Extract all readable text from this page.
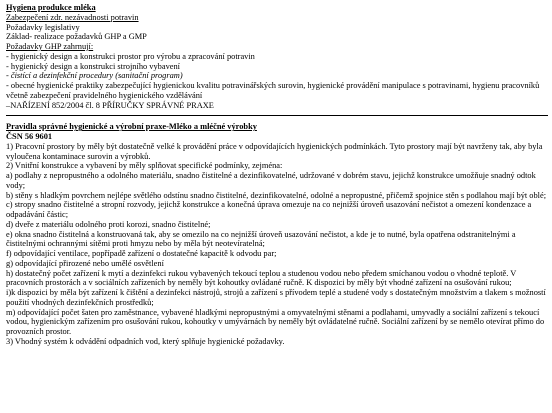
Hygiena produkce mléka
Zabezpečení zdr. nezávadnosti potravin
Požadavky legislativy
Základ- realizace požadavků GHP a GMP
Požadavky GHP zahrnují:
- hygienický design a konstrukci prostor pro výrobu a zpracování potravin
- hygienický design a konstrukci strojního vybavení
- čistící a dezinfekční procedury (sanitační program)
- obecné hygienické praktiky zabezpečující hygienickou kvalitu potravinářských surovin, hygienické provádění manipulace s potravinami, hygienu pracovníků včetně zabezpečení pravidelného hygienického vzdělávání
–NAŘÍZENÍ 852/2004 čl. 8 PŘÍRUČKY SPRÁVNÉ PRAXE
Pravidla správné hygienické a výrobní praxe-Mléko a mléčné výrobky
ČSN 56 9601
1) Pracovní prostory by měly být dostatečně velké k provádění práce v odpovídajících hygienických podmínkách. Tyto prostory mají být navrženy tak, aby byla vyloučena kontaminace surovin a výrobků.
2) Vnitřní konstrukce a vybavení by měly splňovat specifické podmínky, zejména:
a) podlahy z nepropustného a odolného materiálu, snadno čistitelné a dezinfikovatelné, udržované v dobrém stavu, jejichž konstrukce umožňuje snadný odtok vody;
b) stěny s hladkým povrchem nejlépe světlého odstínu snadno čistitelné, dezinfikovatelné, odolné a nepropustné, přičemž spojnice stěn s podlahou mají být oblé;
c) stropy snadno čistitelné a stropní rozvody, jejichž konstrukce a konečná úprava omezuje na co nejnižší úroveň usazování nečistot a omezení kondenzace a odpadávání částic;
d) dveře z materiálu odolného proti korozi, snadno čistitelné;
e) okna snadno čistitelná a konstruovaná tak, aby se omezilo na co nejnižší úroveň usazování nečistot, a kde je to nutné, byla opatřena odstranitelnými a čistitelnými ochrannými sítěmi proti hmyzu nebo by měla být neotevíratelná;
f) odpovídající ventilace, popřípadě zařízení o dostatečné kapacitě k odvodu par;
g) odpovídající přirozené nebo umělé osvětlení
h) dostatečný počet zařízení k mytí a dezinfekci rukou vybavených tekoucí teplou a studenou vodou nebo předem smíchanou vodou o vhodné teplotě. V pracovních prostorách a v sociálních zařízeních by neměly být kohoutky ovládané ručně. K dispozici by měly být vhodné zařízení na osušování rukou;
i)k dispozici by měla být zařízení k čištění a dezinfekci nástrojů, strojů a zařízení s přívodem teplé a studené vody s dostatečným množstvím a tlakem s možností použití vhodných dezinfekčních prostředků;
m) odpovídající počet šaten pro zaměstnance, vybavené hladkými nepropustnými a omyvatelnými stěnami a podlahami, umyvadly a sociální zařízení s tekoucí vodou, hygienickým zařízením pro osušování rukou, kohoutky v umývárnách by neměly být ovládatelné ručně. Sociální zařízení by se nemělo otevírat přímo do provozních prostor.
3) Vhodný systém k odvádění odpadních vod, který splňuje hygienické požadavky.
